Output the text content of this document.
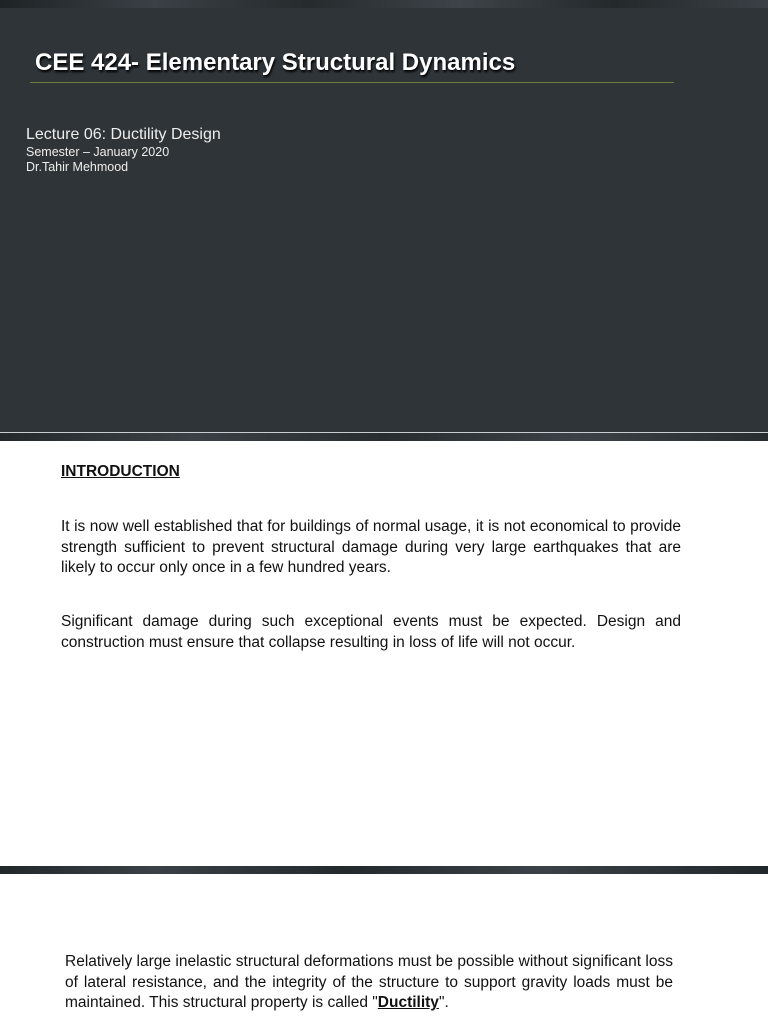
CEE 424- Elementary Structural Dynamics
Lecture 06: Ductility Design
Semester – January 2020
Dr.Tahir Mehmood
INTRODUCTION

It is now well established that for buildings of normal usage, it is not economical to provide strength sufficient to prevent structural damage during very large earthquakes that are likely to occur only once in a few hundred years.

Significant damage during such exceptional events must be expected. Design and construction must ensure that collapse resulting in loss of life will not occur.

Relatively large inelastic structural deformations must be possible without significant loss of lateral resistance, and the integrity of the structure to support gravity loads must be maintained. This structural property is called "Ductility".
